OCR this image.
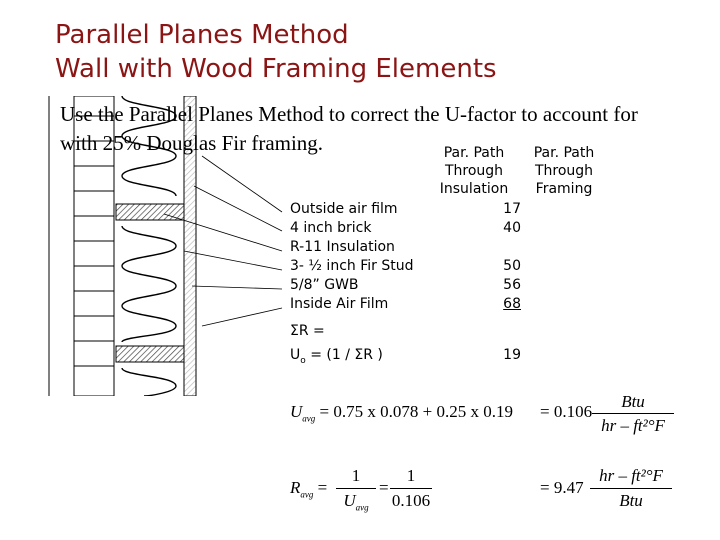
Parallel Planes Method
Wall with Wood Framing Elements
Use the Parallel Planes Method to correct the U-factor to account for
with 25% Douglas Fir framing.	Par. Path
Through
Insulation
Par. Path
Through
Framing
Outside air film
4 inch brick
R-11 Insulation
3- ½ inch Fir Stud
5/8” GWB
Inside Air Film
17
40
50
56
68
ΣR =
$U_o = (1 / \Sigma R$ )	19
$U_{avg} = 0.75$ x 0.078 + 0.25 x 0.19 = 0.106
Btu
hr – ft²°F
$R_{avg}$ =
1
$U_{avg}$
=
1
0.106
= 9.47
hr – ft²°F
Btu
